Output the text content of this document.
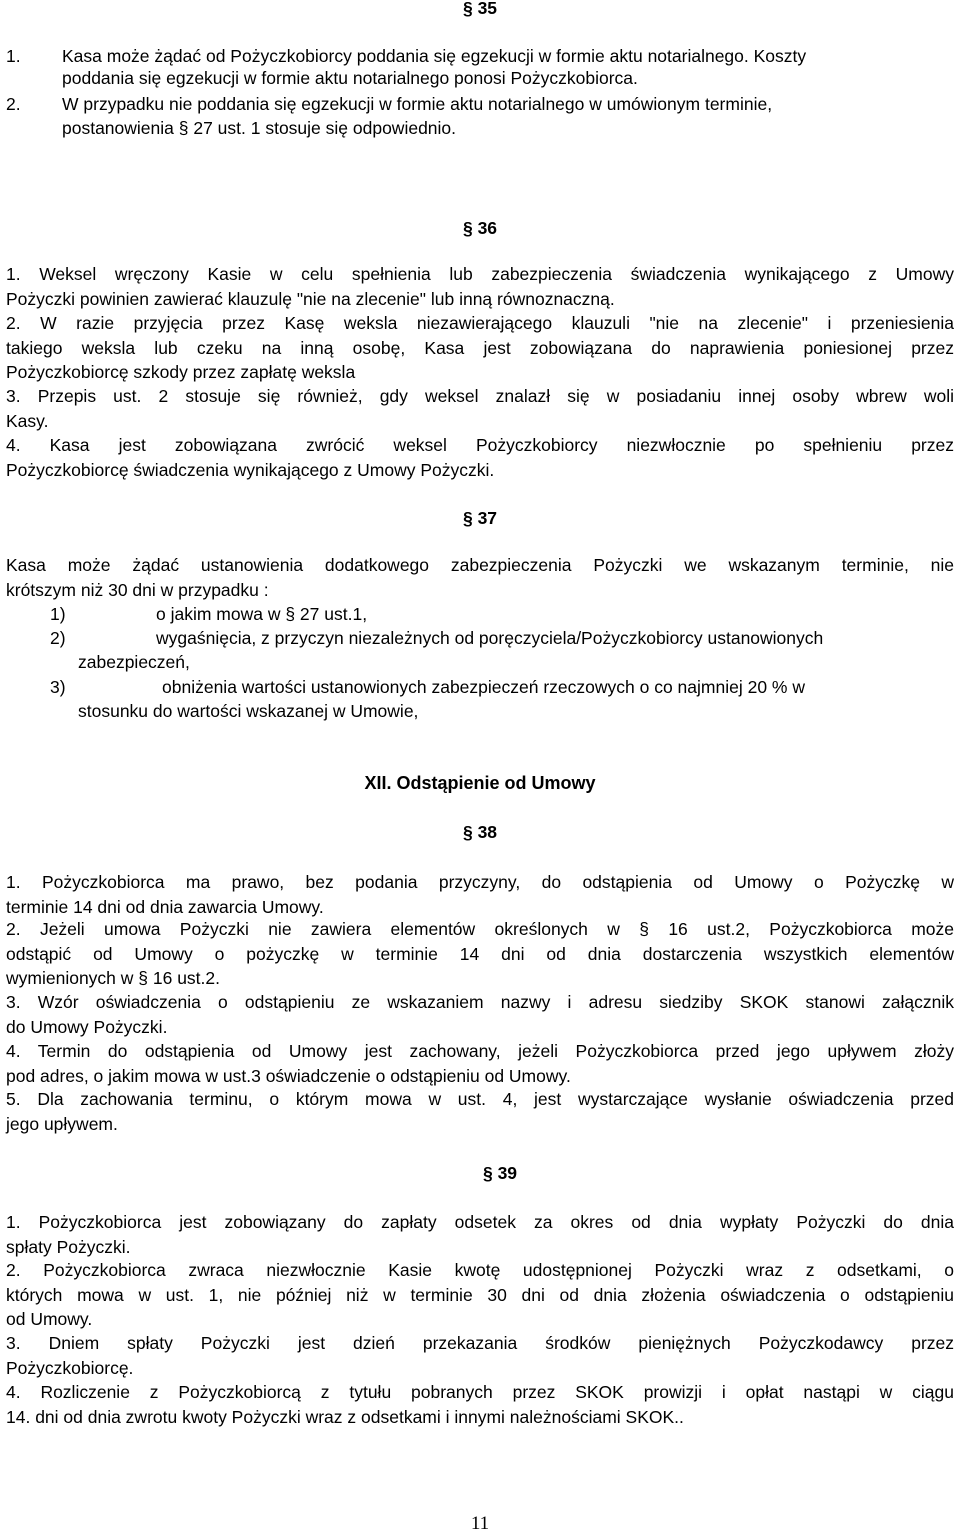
§ 35
1. Kasa może żądać od Pożyczkobiorcy poddania się egzekucji w formie aktu notarialnego. Koszty
poddania się egzekucji w formie aktu notarialnego ponosi Pożyczkobiorca.
2. W przypadku nie poddania się egzekucji w formie aktu notarialnego w umówionym terminie,
postanowienia § 27 ust. 1 stosuje się odpowiednio.
§ 36
1. Weksel wręczony Kasie w celu spełnienia lub zabezpieczenia świadczenia wynikającego z Umowy
Pożyczki powinien zawierać klauzulę "nie na zlecenie" lub inną równoznaczną.
2. W razie przyjęcia przez Kasę weksla niezawierającego klauzuli "nie na zlecenie" i przeniesienia
takiego weksla lub czeku na inną osobę, Kasa jest zobowiązana do naprawienia poniesionej przez
Pożyczkobiorcę szkody przez zapłatę weksla
3. Przepis ust. 2 stosuje się również, gdy weksel znalazł się w posiadaniu innej osoby wbrew woli
Kasy.
4. Kasa jest zobowiązana zwrócić weksel Pożyczkobiorcy niezwłocznie po spełnieniu przez
Pożyczkobiorcę świadczenia wynikającego z Umowy Pożyczki.
§ 37
Kasa może żądać ustanowienia dodatkowego zabezpieczenia Pożyczki we wskazanym terminie, nie
krótszym niż 30 dni w przypadku :
1)	o jakim mowa w § 27 ust.1,
2)	wygaśnięcia, z przyczyn niezależnych od poręczyciela/Pożyczkobiorcy ustanowionych
zabezpieczeń,
3)	obniżenia wartości ustanowionych zabezpieczeń rzeczowych o co najmniej 20 % w
stosunku do wartości wskazanej w Umowie,
XII. Odstąpienie od Umowy
§ 38
1. Pożyczkobiorca ma prawo, bez podania przyczyny, do odstąpienia od Umowy o Pożyczkę w
terminie 14 dni od dnia zawarcia Umowy.
2. Jeżeli umowa Pożyczki nie zawiera elementów określonych w § 16 ust.2, Pożyczkobiorca może
odstąpić od Umowy o pożyczkę w terminie 14 dni od dnia dostarczenia wszystkich elementów
wymienionych w § 16 ust.2.
3. Wzór oświadczenia o odstąpieniu ze wskazaniem nazwy i adresu siedziby SKOK stanowi załącznik
do Umowy Pożyczki.
4. Termin do odstąpienia od Umowy jest zachowany, jeżeli Pożyczkobiorca przed jego upływem złoży
pod adres, o jakim mowa w ust.3 oświadczenie o odstąpieniu od Umowy.
5. Dla zachowania terminu, o którym mowa w ust. 4, jest wystarczające wysłanie oświadczenia przed
jego upływem.
§ 39
1. Pożyczkobiorca jest zobowiązany do zapłaty odsetek za okres od dnia wypłaty Pożyczki do dnia
spłaty Pożyczki.
2. Pożyczkobiorca zwraca niezwłocznie Kasie kwotę udostępnionej Pożyczki wraz z odsetkami, o
których mowa w ust. 1, nie później niż w terminie 30 dni od dnia złożenia oświadczenia o odstąpieniu
od Umowy.
3. Dniem spłaty Pożyczki jest dzień przekazania środków pieniężnych Pożyczkodawcy przez
Pożyczkobiorcę.
4. Rozliczenie z Pożyczkobiorcą z tytułu pobranych przez SKOK prowizji i opłat nastąpi w ciągu
14. dni od dnia zwrotu kwoty Pożyczki wraz z odsetkami i innymi należnościami SKOK..
11
